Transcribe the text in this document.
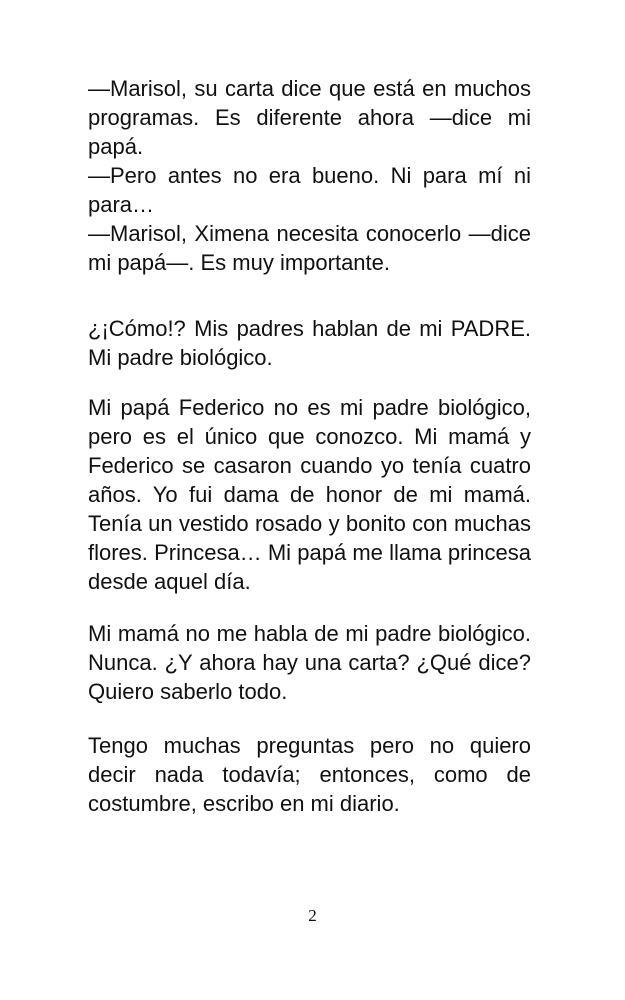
—Marisol, su carta dice que está en muchos
programas. Es diferente ahora —dice mi
papá.
—Pero antes no era bueno. Ni para mí ni
para…
—Marisol, Ximena necesita conocerlo —dice
mi papá—. Es muy importante.
¿¡Cómo!? Mis padres hablan de mi PADRE.
Mi padre biológico.
Mi papá Federico no es mi padre biológico,
pero es el único que conozco. Mi mamá y
Federico se casaron cuando yo tenía cuatro
años. Yo fui dama de honor de mi mamá.
Tenía un vestido rosado y bonito con muchas
flores. Princesa… Mi papá me llama princesa
desde aquel día.
Mi mamá no me habla de mi padre biológico.
Nunca. ¿Y ahora hay una carta? ¿Qué dice?
Quiero saberlo todo.
Tengo muchas preguntas pero no quiero
decir nada todavía; entonces, como de
costumbre, escribo en mi diario.
2
